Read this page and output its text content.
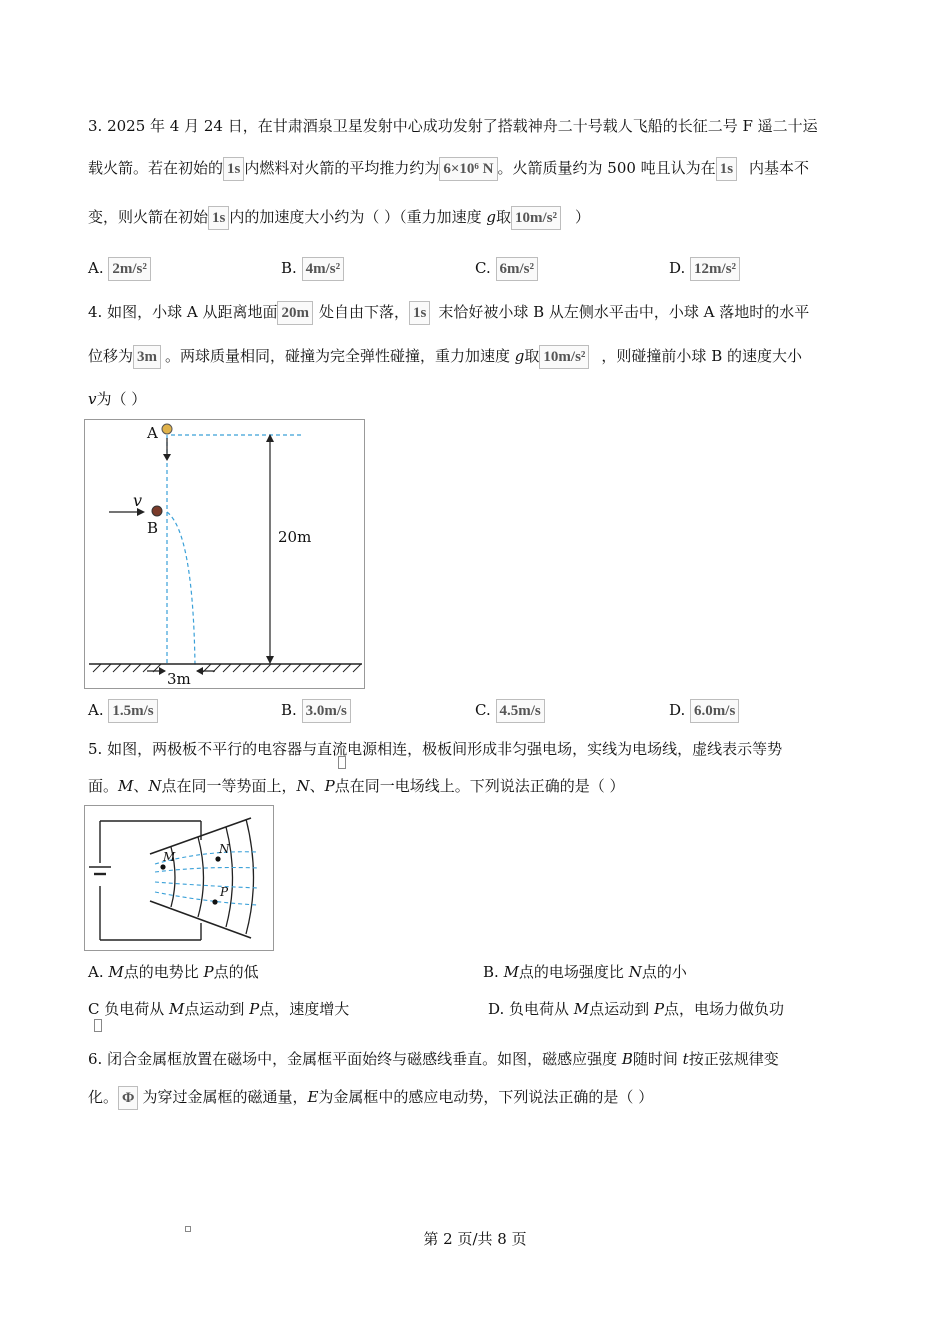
3. 2025 年 4 月 24 日，在甘肃酒泉卫星发射中心成功发射了搭载神舟二十号载人飞船的长征二号 F 遥二十运
载火箭。若在初始的 1s 内燃料对火箭的平均推力约为 6×10⁶ N 。火箭质量约为 500 吨且认为在 1s 内基本不
变，则火箭在初始 1s 内的加速度大小约为（ ）（重力加速度 g取 10m/s² ）
A. 2m/s²	B. 4m/s²	C. 6m/s²	D. 12m/s²
4. 如图，小球 A 从距离地面 20m 处自由下落， 1s 末恰好被小球 B 从左侧水平击中，小球 A 落地时的水平
位移为 3m 。两球质量相同，碰撞为完全弹性碰撞，重力加速度 g取 10m/s² ，则碰撞前小球 B 的速度大小
v为（ ）
A
v
B	20m
3m
A. 1.5m/s	B. 3.0m/s	C. 4.5m/s	D. 6.0m/s
5. 如图，两极板不平行的电容器与直流电源相连，极板间形成非匀强电场，实线为电场线，虚线表示等势
面。M、N点在同一等势面上，N、P点在同一电场线上。下列说法正确的是（ ）
M
N
P
A. M点的电势比 P点的低	B. M点的电场强度比 N点的小
C 负电荷从 M点运动到 P点，速度增大	D. 负电荷从 M点运动到 P点，电场力做负功
6. 闭合金属框放置在磁场中，金属框平面始终与磁感线垂直。如图，磁感应强度 B随时间 t按正弦规律变
化。 Φ 为穿过金属框的磁通量，E为金属框中的感应电动势，下列说法正确的是（ ）
第 2 页/共 8 页
